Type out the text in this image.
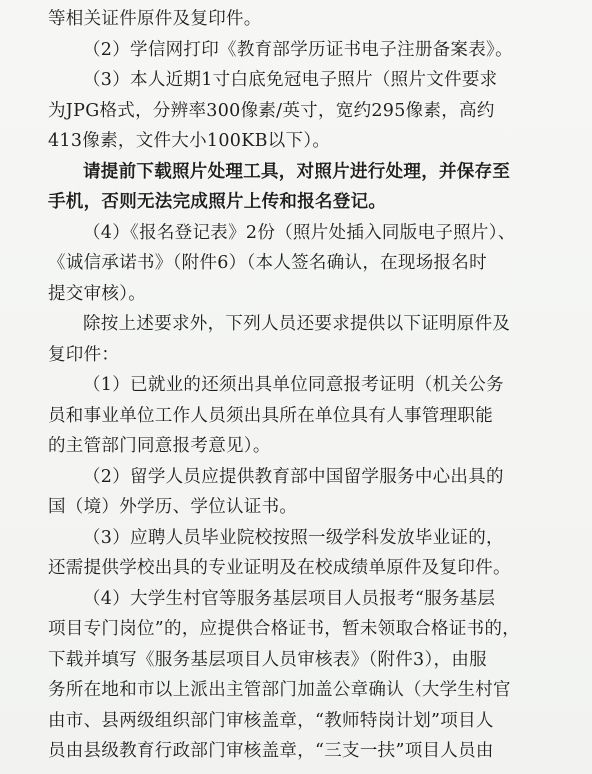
等相关证件原件及复印件。
（2）学信网打印《教育部学历证书电子注册备案表》。
（3）本人近期1寸白底免冠电子照片（照片文件要求
为JPG格式，分辨率300像素/英寸，宽约295像素，高约
413像素，文件大小100KB以下）。
请提前下载照片处理工具，对照片进行处理，并保存至
手机，否则无法完成照片上传和报名登记。
（4）《报名登记表》2份（照片处插入同版电子照片）、
《诚信承诺书》（附件6）（本人签名确认，在现场报名时
提交审核）。
除按上述要求外，下列人员还要求提供以下证明原件及
复印件：
（1）已就业的还须出具单位同意报考证明（机关公务
员和事业单位工作人员须出具所在单位具有人事管理职能
的主管部门同意报考意见）。
（2）留学人员应提供教育部中国留学服务中心出具的
国（境）外学历、学位认证书。
（3）应聘人员毕业院校按照一级学科发放毕业证的，
还需提供学校出具的专业证明及在校成绩单原件及复印件。
（4）大学生村官等服务基层项目人员报考“服务基层
项目专门岗位”的，应提供合格证书，暂未领取合格证书的，
下载并填写《服务基层项目人员审核表》（附件3），由服
务所在地和市以上派出主管部门加盖公章确认（大学生村官
由市、县两级组织部门审核盖章，“教师特岗计划”项目人
员由县级教育行政部门审核盖章，“三支一扶”项目人员由
